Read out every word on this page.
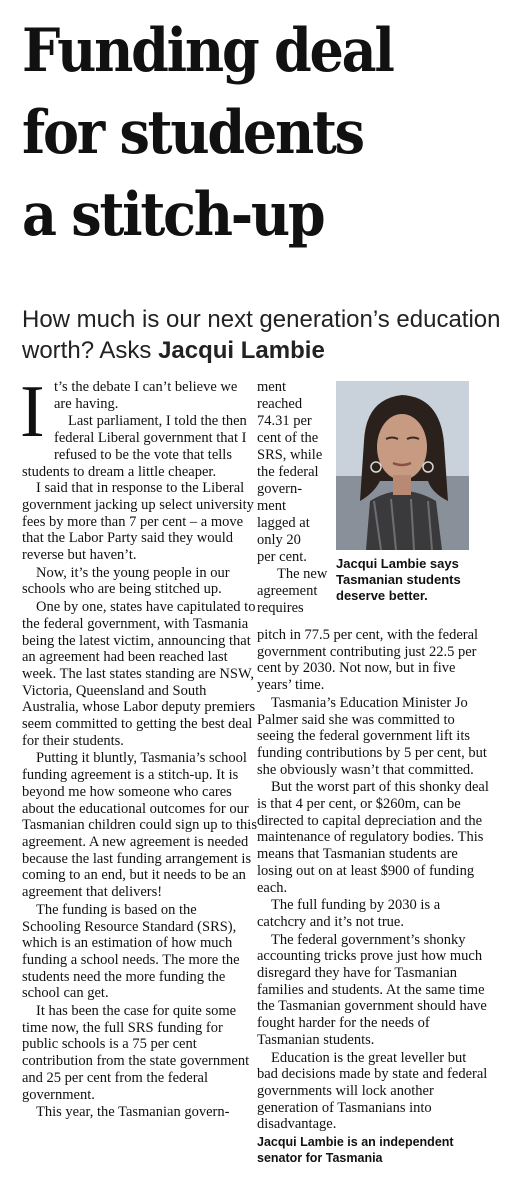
Funding deal
for students
a stitch-up
How much is our next generation’s education
worth? Asks Jacqui Lambie
I t’s the debate I can’t believe we are having.

Last parliament, I told the then federal Liberal government that I refused to be the vote that tells students to dream a little cheaper.

I said that in response to the Liberal government jacking up select university fees by more than 7 per cent – a move that the Labor Party said they would reverse but haven’t.

Now, it’s the young people in our schools who are being stitched up.

One by one, states have capitulated to the federal government, with Tasmania being the latest victim, announcing that an agreement had been reached last week. The last states standing are NSW, Victoria, Queensland and South Australia, whose Labor deputy premiers seem committed to getting the best deal for their students.

Putting it bluntly, Tasmania’s school funding agreement is a stitch-up. It is beyond me how someone who cares about the educational outcomes for our Tasmanian children could sign up to this agreement. A new agreement is needed because the last funding arrangement is coming to an end, but it needs to be an agreement that delivers!

The funding is based on the Schooling Resource Standard (SRS), which is an estimation of how much funding a school needs. The more the students need the more funding the school can get.

It has been the case for quite some time now, the full SRS funding for public schools is a 75 per cent contribution from the state government and 25 per cent from the federal government.

This year, the Tasmanian govern-

ment
reached
74.31 per
cent of the
SRS, while
the federal
govern-
ment
lagged at
only 20
per cent.
The new
agreement
requires
Jacqui Lambie says
Tasmanian students
deserve better.

pitch in 77.5 per cent, with the federal government contributing just 22.5 per cent by 2030. Not now, but in five years’ time.

Tasmania’s Education Minister Jo Palmer said she was committed to seeing the federal government lift its funding contributions by 5 per cent, but she obviously wasn’t that committed.

But the worst part of this shonky deal is that 4 per cent, or $260m, can be directed to capital depreciation and the maintenance of regulatory bodies. This means that Tasmanian students are losing out on at least $900 of funding each.

The full funding by 2030 is a catchcry and it’s not true.

The federal government’s shonky accounting tricks prove just how much disregard they have for Tasmanian families and students. At the same time the Tasmanian government should have fought harder for the needs of Tasmanian students.

Education is the great leveller but bad decisions made by state and federal governments will lock another generation of Tasmanians into disadvantage.

Jacqui Lambie is an independent
senator for Tasmania
